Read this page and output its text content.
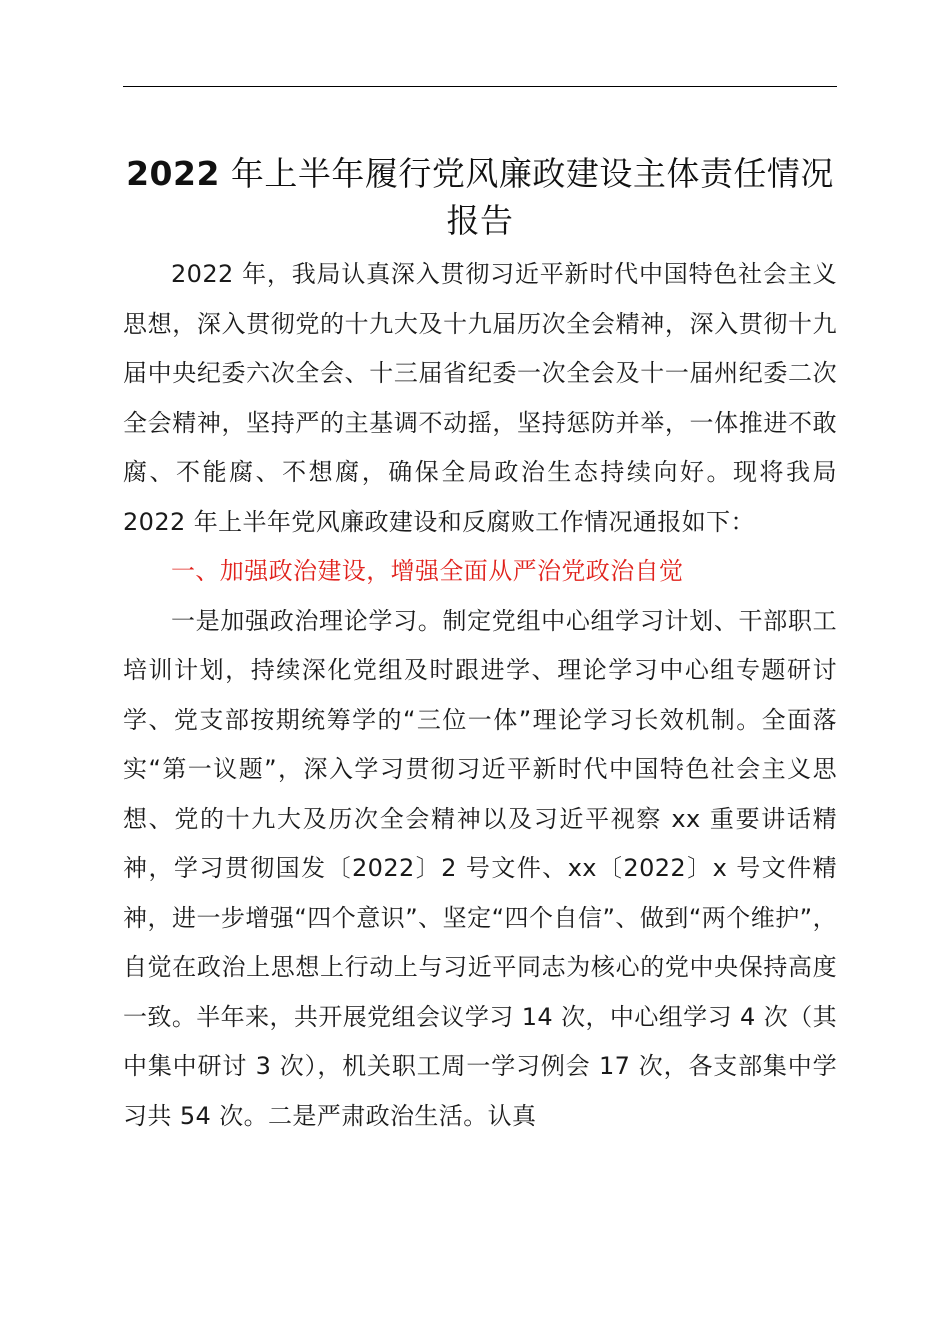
2022 年上半年履行党风廉政建设主体责任情况报告

2022 年，我局认真深入贯彻习近平新时代中国特色社会主义思想，深入贯彻党的十九大及十九届历次全会精神，深入贯彻十九届中央纪委六次全会、十三届省纪委一次全会及十一届州纪委二次全会精神，坚持严的主基调不动摇，坚持惩防并举，一体推进不敢腐、不能腐、不想腐，确保全局政治生态持续向好。现将我局 2022 年上半年党风廉政建设和反腐败工作情况通报如下：

一、加强政治建设，增强全面从严治党政治自觉

一是加强政治理论学习。制定党组中心组学习计划、干部职工培训计划，持续深化党组及时跟进学、理论学习中心组专题研讨学、党支部按期统筹学的“三位一体”理论学习长效机制。全面落实“第一议题”，深入学习贯彻习近平新时代中国特色社会主义思想、党的十九大及历次全会精神以及习近平视察 xx 重要讲话精神，学习贯彻国发〔2022〕2 号文件、xx〔2022〕x 号文件精神，进一步增强“四个意识”、坚定“四个自信”、做到“两个维护”，自觉在政治上思想上行动上与习近平同志为核心的党中央保持高度一致。半年来，共开展党组会议学习 14 次，中心组学习 4 次（其中集中研讨 3 次），机关职工周一学习例会 17 次，各支部集中学习共 54 次。二是严肃政治生活。认真
